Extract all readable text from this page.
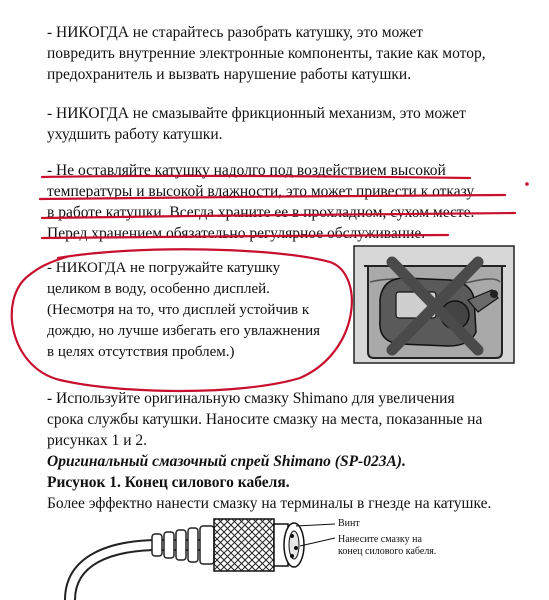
- НИКОГДА не старайтесь разобрать катушку, это может
повредить внутренние электронные компоненты, такие как мотор,
предохранитель и вызвать нарушение работы катушки.
- НИКОГДА не смазывайте фрикционный механизм, это может
ухудшить работу катушки.
- Не оставляйте катушку надолго под воздействием высокой
температуры и высокой влажности, это может привести к отказу
в работе катушки. Всегда храните ее в прохладном, сухом месте.
Перед хранением обязательно регулярное обслуживание.
- НИКОГДА не погружайте катушку
целиком в воду, особенно дисплей.
(Несмотря на то, что дисплей устойчив к
дождю, но лучше избегать его увлажнения
в целях отсутствия проблем.)
- Используйте оригинальную смазку Shimano для увеличения
срока службы катушки. Наносите смазку на места, показанные на
рисунках 1 и 2.
Оригинальный смазочный спрей Shimano (SP-023A).
Рисунок 1. Конец силового кабеля.
Более эффектно нанести смазку на терминалы в гнезде на катушке.
Винт
Нанесите смазку на
конец силового кабеля.
